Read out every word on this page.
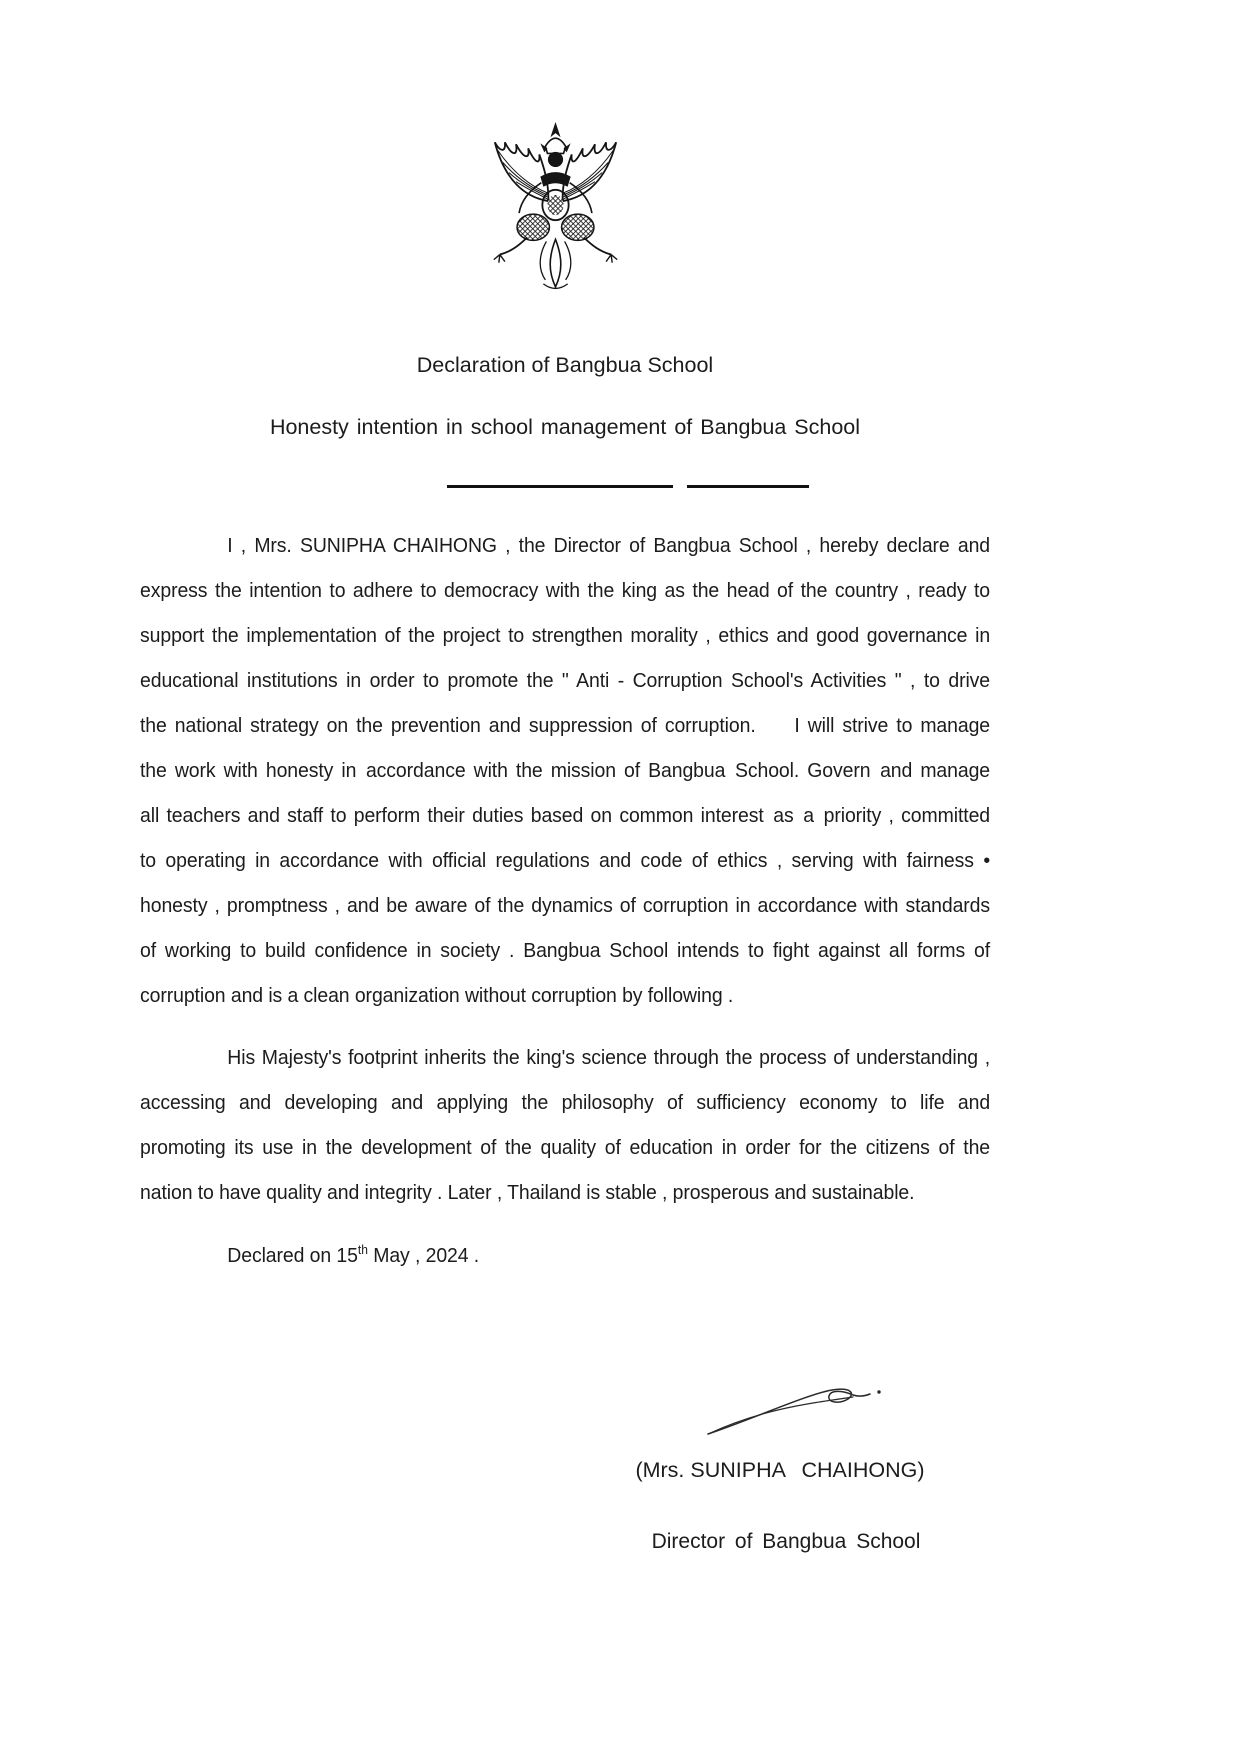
Declaration of Bangbua School
Honesty intention in school management of Bangbua School
I , Mrs. SUNIPHA CHAIHONG , the Director of Bangbua School , hereby declare and
express the intention to adhere to democracy with the king as the head of the country , ready to
support the implementation of the project to strengthen morality , ethics and good governance in
educational institutions in order to promote the " Anti - Corruption School's Activities " , to drive
the national strategy on the prevention and suppression of corruption.  I will strive to manage
the work with honesty in accordance with the mission of Bangbua School. Govern and manage
all teachers and staff to perform their duties based on common interest as a priority , committed
to operating in accordance with official regulations and code of ethics , serving with fairness •
honesty , promptness , and be aware of the dynamics of corruption in accordance with standards
of working to build confidence in society . Bangbua School intends to fight against all forms of
corruption and is a clean organization without corruption by following .
His Majesty's footprint inherits the king's science through the process of understanding ,
accessing and developing and applying the philosophy of sufficiency economy to life and
promoting its use in the development of the quality of education in order for the citizens of the
nation to have quality and integrity . Later , Thailand is stable , prosperous and sustainable.
Declared on 15th May , 2024 .
(Mrs. SUNIPHA  CHAIHONG)
Director of Bangbua School
